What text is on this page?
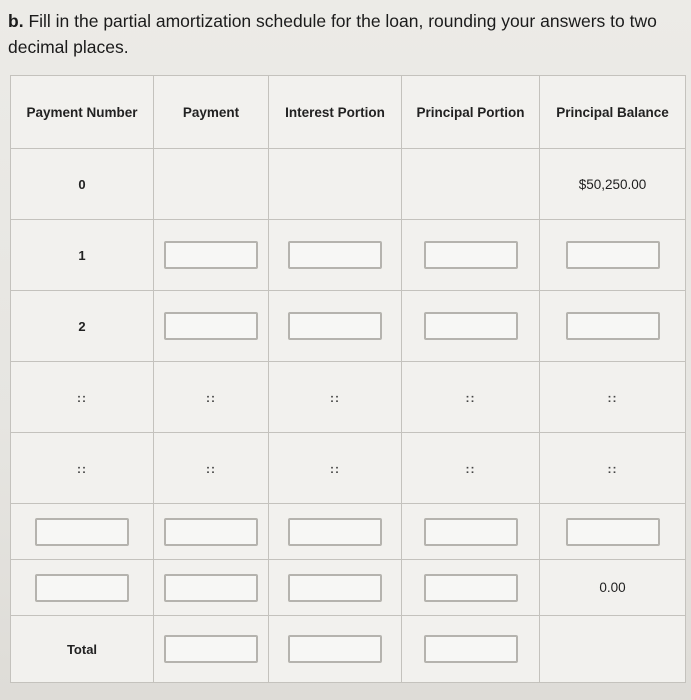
b. Fill in the partial amortization schedule for the loan, rounding your answers to two decimal places.
Payment Number	Payment	Interest Portion	Principal Portion	Principal Balance
0				$50,250.00
1				
2				
::	::	::	::	::
::	::	::	::	::

				0.00
Total				
